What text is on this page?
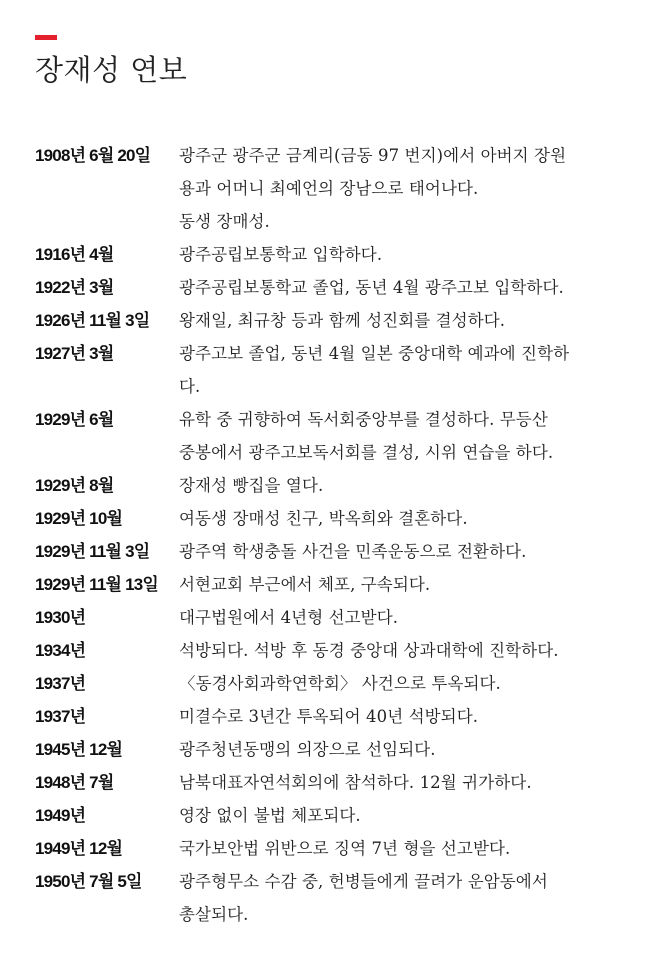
장재성 연보
1908년 6월 20일	광주군 광주군 금계리(금동 97 번지)에서 아버지 장원
용과 어머니 최예언의 장남으로 태어나다.
동생 장매성.
1916년 4월	광주공립보통학교 입학하다.
1922년 3월	광주공립보통학교 졸업, 동년 4월 광주고보 입학하다.
1926년 11월 3일	왕재일, 최규창 등과 함께 성진회를 결성하다.
1927년 3월	광주고보 졸업, 동년 4월 일본 중앙대학 예과에 진학하
다.
1929년 6월	유학 중 귀향하여 독서회중앙부를 결성하다. 무등산
중봉에서 광주고보독서회를 결성, 시위 연습을 하다.
1929년 8월	장재성 빵집을 열다.
1929년 10월	여동생 장매성 친구, 박옥희와 결혼하다.
1929년 11월 3일	광주역 학생충돌 사건을 민족운동으로 전환하다.
1929년 11월 13일	서현교회 부근에서 체포, 구속되다.
1930년	대구법원에서 4년형 선고받다.
1934년	석방되다. 석방 후 동경 중앙대 상과대학에 진학하다.
1937년	〈동경사회과학연학회〉 사건으로 투옥되다.
1937년	미결수로 3년간 투옥되어 40년 석방되다.
1945년 12월	광주청년동맹의 의장으로 선임되다.
1948년 7월	남북대표자연석회의에 참석하다. 12월 귀가하다.
1949년	영장 없이 불법 체포되다.
1949년 12월	국가보안법 위반으로 징역 7년 형을 선고받다.
1950년 7월 5일	광주형무소 수감 중, 헌병들에게 끌려가 운암동에서
총살되다.
